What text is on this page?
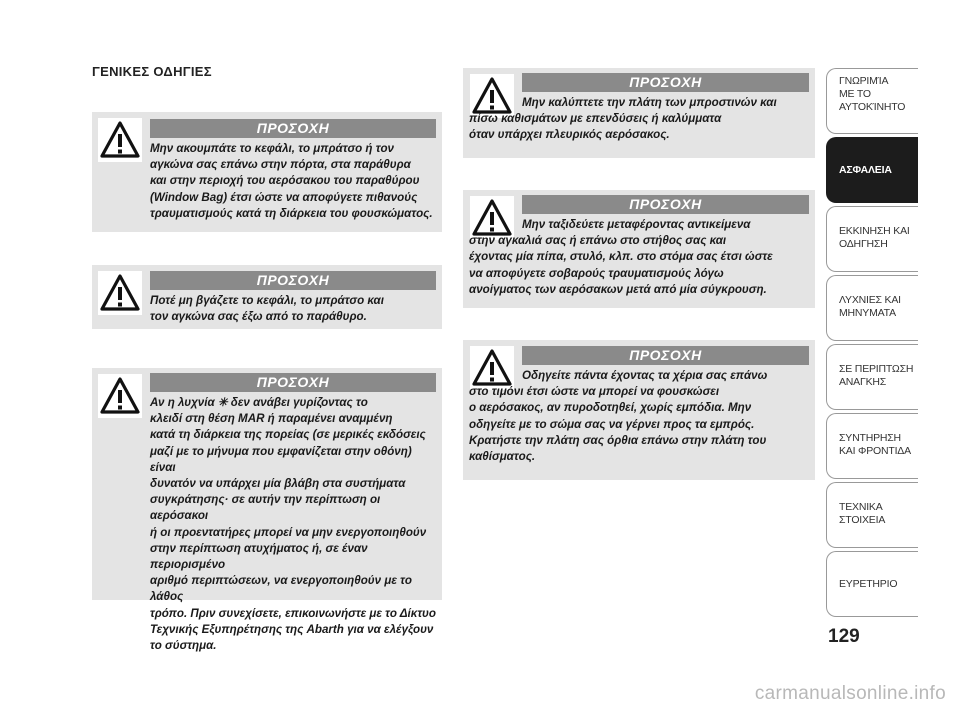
ΓΕΝΙΚΕΣ ΟΔΗΓΙΕΣ
ΠΡΟΣΟΧΗ

Μην ακουμπάτε το κεφάλι, το μπράτσο ή τον
αγκώνα σας επάνω στην πόρτα, στα παράθυρα
και στην περιοχή του αερόσακου του παραθύρου
(Window Bag) έτσι ώστε να αποφύγετε πιθανούς
τραυματισμούς κατά τη διάρκεια του φουσκώματος.

ΠΡΟΣΟΧΗ

Ποτέ μη βγάζετε το κεφάλι, το μπράτσο και
τον αγκώνα σας έξω από το παράθυρο.

ΠΡΟΣΟΧΗ

Αν η λυχνία ✳ δεν ανάβει γυρίζοντας το
κλειδί στη θέση MAR ή παραμένει αναμμένη
κατά τη διάρκεια της πορείας (σε μερικές εκδόσεις
μαζί με το μήνυμα που εμφανίζεται στην οθόνη) είναι
δυνατόν να υπάρχει μία βλάβη στα συστήματα
συγκράτησης· σε αυτήν την περίπτωση οι αερόσακοι
ή οι προεντατήρες μπορεί να μην ενεργοποιηθούν
στην περίπτωση ατυχήματος ή, σε έναν περιορισμένο
αριθμό περιπτώσεων, να ενεργοποιηθούν με το λάθος
τρόπο. Πριν συνεχίσετε, επικοινωνήστε με το Δίκτυο
Τεχνικής Εξυπηρέτησης της Abarth για να ελέγξουν
το σύστημα.

ΠΡΟΣΟΧΗ

Μην καλύπτετε την πλάτη των μπροστινών και
πίσω καθισμάτων με επενδύσεις ή καλύμματα
όταν υπάρχει πλευρικός αερόσακος.

ΠΡΟΣΟΧΗ

Μην ταξιδεύετε μεταφέροντας αντικείμενα
στην αγκαλιά σας ή επάνω στο στήθος σας και
έχοντας μία πίπα, στυλό, κλπ. στο στόμα σας έτσι ώστε
να αποφύγετε σοβαρούς τραυματισμούς λόγω
ανοίγματος των αερόσακων μετά από μία σύγκρουση.

ΠΡΟΣΟΧΗ

Οδηγείτε πάντα έχοντας τα χέρια σας επάνω
στο τιμόνι έτσι ώστε να μπορεί να φουσκώσει
ο αερόσακος, αν πυροδοτηθεί, χωρίς εμπόδια. Μην
οδηγείτε με το σώμα σας να γέρνει προς τα εμπρός.
Κρατήστε την πλάτη σας όρθια επάνω στην πλάτη του
καθίσματος.

ΓΝΩΡΙΜΊΑ
ΜΕ ΤΟ
ΑΥΤΟΚΊΝΗΤΟ
ΑΣΦΑΛΕΙΑ
ΕΚΚΙΝΗΣΗ ΚΑΙ
ΟΔΗΓΗΣΗ
ΛΥΧΝΙΕΣ ΚΑΙ
ΜΗΝΥΜΑΤΑ
ΣΕ ΠΕΡΙΠΤΩΣΗ
ΑΝΑΓΚΗΣ
ΣΥΝΤΗΡΗΣΗ
ΚΑΙ ΦΡΟΝΤΙΔΑ
ΤΕΧΝΙΚΑ
ΣΤΟΙΧΕΙΑ
ΕΥΡΕΤΗΡΙΟ
129
carmanualsonline.info
